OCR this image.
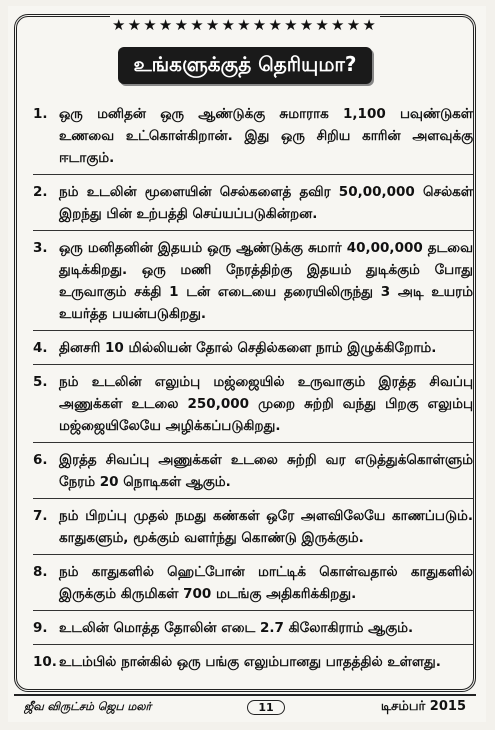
★★★★★★★★★★★★★★★★★
உங்களுக்குத் தெரியுமா?
1. ஒரு மனிதன் ஒரு ஆண்டுக்கு சுமாராக 1,100 பவுண்டுகள் உணவை உட்கொள்கிறான். இது ஒரு சிறிய காரின் அளவுக்கு ஈடாகும்.
2. நம் உடலின் மூளையின் செல்களைத் தவிர 50,00,000 செல்கள் இறந்து பின் உற்பத்தி செய்யப்படுகின்றன.
3. ஒரு மனிதனின் இதயம் ஒரு ஆண்டுக்கு சுமார் 40,00,000 தடவை துடிக்கிறது. ஒரு மணி நேரத்திற்கு இதயம் துடிக்கும் போது உருவாகும் சக்தி 1 டன் எடையை தரையிலிருந்து 3 அடி உயரம் உயர்த்த பயன்படுகிறது.
4. தினசரி 10 மில்லியன் தோல் செதில்களை நாம் இழுக்கிறோம்.
5. நம் உடலின் எலும்பு மஜ்ஜையில் உருவாகும் இரத்த சிவப்பு அணுக்கள் உடலை 250,000 முறை சுற்றி வந்து பிறகு எலும்பு மஜ்ஜையிலேயே அழிக்கப்படுகிறது.
6. இரத்த சிவப்பு அணுக்கள் உடலை சுற்றி வர எடுத்துக்கொள்ளும் நேரம் 20 நொடிகள் ஆகும்.
7. நம் பிறப்பு முதல் நமது கண்கள் ஒரே அளவிலேயே காணப்படும். காதுகளும், மூக்கும் வளர்ந்து கொண்டு இருக்கும்.
8. நம் காதுகளில் ஹெட்போன் மாட்டிக் கொள்வதால் காதுகளில் இருக்கும் கிருமிகள் 700 மடங்கு அதிகரிக்கிறது.
9. உடலின் மொத்த தோலின் எடை 2.7 கிலோகிராம் ஆகும்.
10. உடம்பில் நான்கில் ஒரு பங்கு எலும்பானது பாதத்தில் உள்ளது.
ஜீவ விருட்சம் ஜெப மலர்	11	டிசம்பர் 2015
